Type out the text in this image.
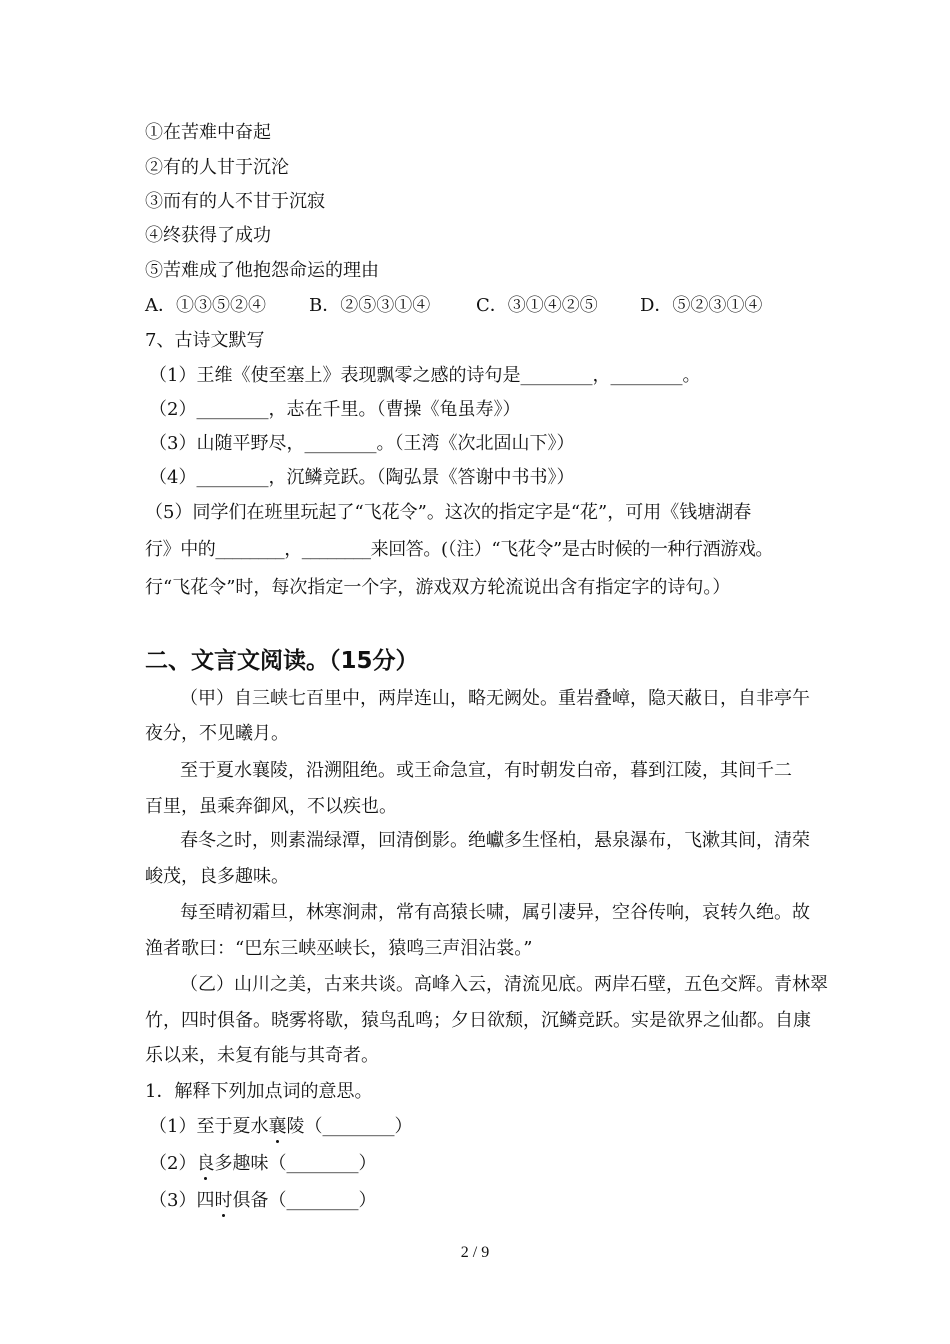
①在苦难中奋起
②有的人甘于沉沦
③而有的人不甘于沉寂
④终获得了成功
⑤苦难成了他抱怨命运的理由
A．①③⑤②④ B．②⑤③①④	C．③①④②⑤ D．⑤②③①④
7、古诗文默写
（1）王维《使至塞上》表现飘零之感的诗句是________，________。
（2）________，志在千里。（曹操《龟虽寿》）
（3）山随平野尽，________。（王湾《次北固山下》）
（4）________，沉鳞竞跃。（陶弘景《答谢中书书》）
（5）同学们在班里玩起了“飞花令”。这次的指定字是“花”，可用《钱塘湖春
行》中的________，________来回答。(（注）“飞花令”是古时候的一种行酒游戏。
行“飞花令”时，每次指定一个字，游戏双方轮流说出含有指定字的诗句。）
二、文言文阅读。（15分）
（甲）自三峡七百里中，两岸连山，略无阙处。重岩叠嶂，隐天蔽日，自非亭午
夜分，不见曦月。
至于夏水襄陵，沿溯阻绝。或王命急宣，有时朝发白帝，暮到江陵，其间千二
百里，虽乘奔御风，不以疾也。
春冬之时，则素湍绿潭，回清倒影。绝巘多生怪柏，悬泉瀑布，飞漱其间，清荣
峻茂，良多趣味。
每至晴初霜旦，林寒涧肃，常有高猿长啸，属引凄异，空谷传响，哀转久绝。故
渔者歌曰：“巴东三峡巫峡长，猿鸣三声泪沾裳。”
（乙）山川之美，古来共谈。高峰入云，清流见底。两岸石壁，五色交辉。青林翠
竹，四时俱备。晓雾将歇，猿鸟乱鸣；夕日欲颓，沉鳞竞跃。实是欲界之仙都。自康
乐以来，未复有能与其奇者。
1．解释下列加点词的意思。
（1）至于夏水襄陵（________）
（2）良多趣味（________）
（3）四时俱备（________）
2 / 9
